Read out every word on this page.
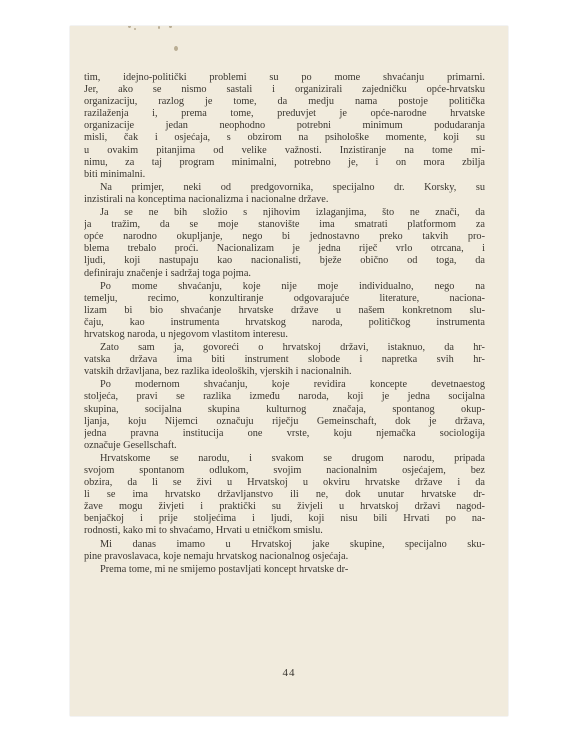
tim, idejno-politički problemi su po mome shvaćanju primarni.
Jer, ako se nismo sastali i organizirali zajedničku opće-hrvatsku
organizaciju, razlog je tome, da medju nama postoje politička
razilaženja i, prema tome, preduvjet je opće-narodne hrvatske
organizacije jedan neophodno potrebni minimum podudaranja
misli, čak i osjećaja, s obzirom na psihološke momente, koji su
u ovakim pitanjima od velike važnosti. Inzistiranje na tome mi-
nimu, za taj program minimalni, potrebno je, i on mora zbilja
biti minimalni.
Na primjer, neki od predgovornika, specijalno dr. Korsky, su
inzistirali na konceptima nacionalizma i nacionalne države.
Ja se ne bih složio s njihovim izlaganjima, što ne znači, da
ja tražim, da se moje stanovište ima smatrati platformom za
opće narodno okupljanje, nego bi jednostavno preko takvih pro-
blema trebalo proći. Nacionalizam je jedna riječ vrlo otrcana, i
ljudi, koji nastupaju kao nacionalisti, bježe obično od toga, da
definiraju značenje i sadržaj toga pojma.
Po mome shvaćanju, koje nije moje individualno, nego na
temelju, recimo, konzultiranje odgovarajuće literature, naciona-
lizam bi bio shvaćanje hrvatske države u našem konkretnom slu-
čaju, kao instrumenta hrvatskog naroda, političkog instrumenta
hrvatskog naroda, u njegovom vlastitom interesu.
Zato sam ja, govoreći o hrvatskoj državi, istaknuo, da hr-
vatska država ima biti instrument slobode i napretka svih hr-
vatskih državljana, bez razlika ideoloških, vjerskih i nacionalnih.
Po modernom shvaćanju, koje revidira koncepte devetnaestog
stoljeća, pravi se razlika između naroda, koji je jedna socijalna
skupina, socijalna skupina kulturnog značaja, spontanog okup-
ljanja, koju Nijemci označuju riječju Gemeinschaft, dok je država,
jedna pravna institucija one vrste, koju njemačka sociologija
označuje Gesellschaft.
Hrvatskome se narodu, i svakom se drugom narodu, pripada
svojom spontanom odlukom, svojim nacionalnim osjećajem, bez
obzira, da li se živi u Hrvatskoj u okviru hrvatske države i da
li se ima hrvatsko državljanstvo ili ne, dok unutar hrvatske dr-
žave mogu živjeti i praktički su živjeli u hrvatskoj državi nagod-
benjačkoj i prije stoljećima i ljudi, koji nisu bili Hrvati po na-
rodnosti, kako mi to shvaćamo, Hrvati u etničkom smislu.
Mi danas imamo u Hrvatskoj jake skupine, specijalno sku-
pine pravoslavaca, koje nemaju hrvatskog nacionalnog osjećaja.
Prema tome, mi ne smijemo postavljati koncept hrvatske dr-
44
